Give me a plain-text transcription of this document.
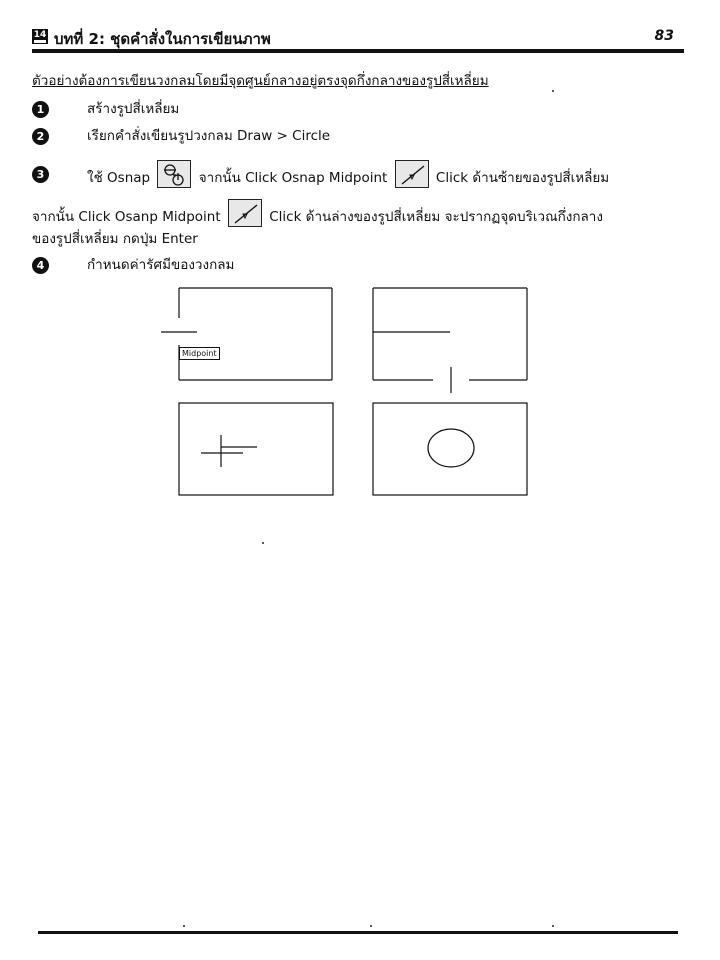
14 บทที่ 2: ชุดคำสั่งในการเขียนภาพ	83
ตัวอย่างต้องการเขียนวงกลมโดยมีจุดศูนย์กลางอยู่ตรงจุดกึ่งกลางของรูปสี่เหลี่ยม
1	สร้างรูปสี่เหลี่ยม
2	เรียกคำสั่งเขียนรูปวงกลม Draw > Circle
3	ใช้ Osnap	จากนั้น Click Osnap Midpoint	Click ด้านซ้ายของรูปสี่เหลี่ยม
จากนั้น Click Osanp Midpoint	Click ด้านล่างของรูปสี่เหลี่ยม จะปรากฏจุดบริเวณกึ่งกลาง
ของรูปสี่เหลี่ยม กดปุ่ม Enter
4	กำหนดค่ารัศมีของวงกลม
Midpoint
